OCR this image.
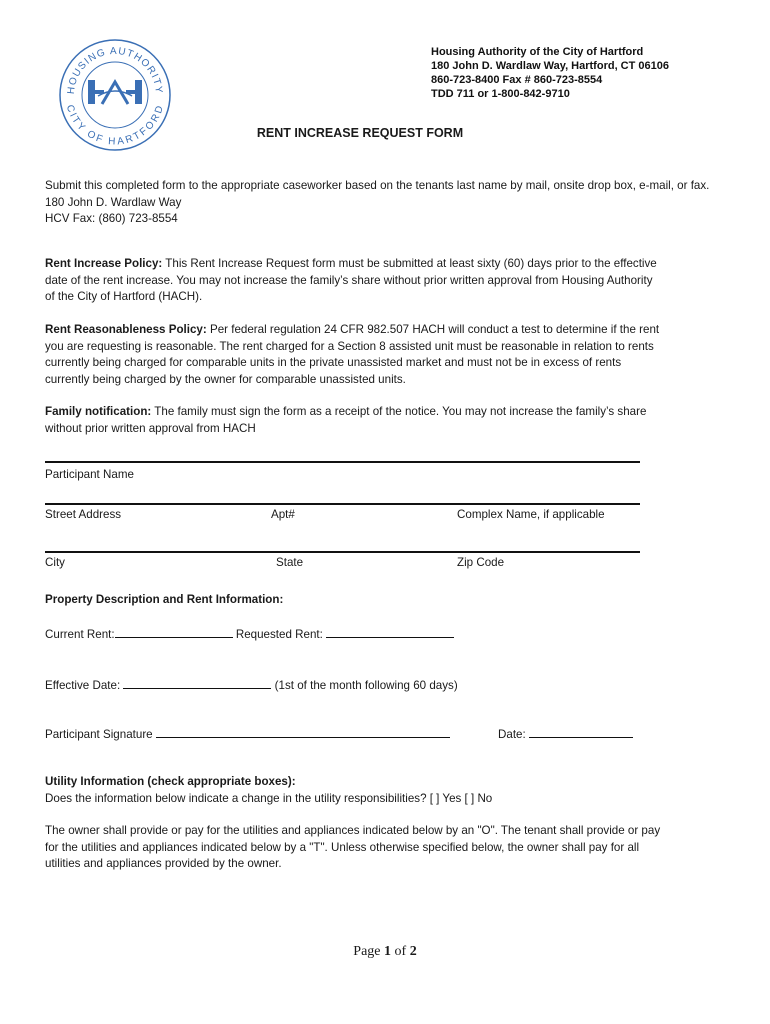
HOUSING AUTHORITY
CITY OF HARTFORD
Housing Authority of the City of Hartford
180 John D. Wardlaw Way, Hartford, CT 06106
860-723-8400 Fax # 860-723-8554
TDD 711 or 1-800-842-9710
RENT INCREASE REQUEST FORM
Submit this completed form to the appropriate caseworker based on the tenants last name by mail, onsite drop box, e-mail, or fax.
180 John D. Wardlaw Way
HCV Fax: (860) 723-8554
Rent Increase Policy: This Rent Increase Request form must be submitted at least sixty (60) days prior to the effective date of the rent increase. You may not increase the family’s share without prior written approval from Housing Authority of the City of Hartford (HACH).
Rent Reasonableness Policy: Per federal regulation 24 CFR 982.507 HACH will conduct a test to determine if the rent you are requesting is reasonable. The rent charged for a Section 8 assisted unit must be reasonable in relation to rents currently being charged for comparable units in the private unassisted market and must not be in excess of rents currently being charged by the owner for comparable unassisted units.
Family notification: The family must sign the form as a receipt of the notice. You may not increase the family’s share without prior written approval from HACH
Participant Name
Street Address	Apt#	Complex Name, if applicable
City	State	Zip Code
Property Description and Rent Information:
Current Rent:	Requested Rent:
Effective Date:	(1st of the month following 60 days)
Participant Signature	Date:
Utility Information (check appropriate boxes):
Does the information below indicate a change in the utility responsibilities? [ ] Yes [ ] No
The owner shall provide or pay for the utilities and appliances indicated below by an "O". The tenant shall provide or pay for the utilities and appliances indicated below by a "T". Unless otherwise specified below, the owner shall pay for all utilities and appliances provided by the owner.
Page 1 of 2
